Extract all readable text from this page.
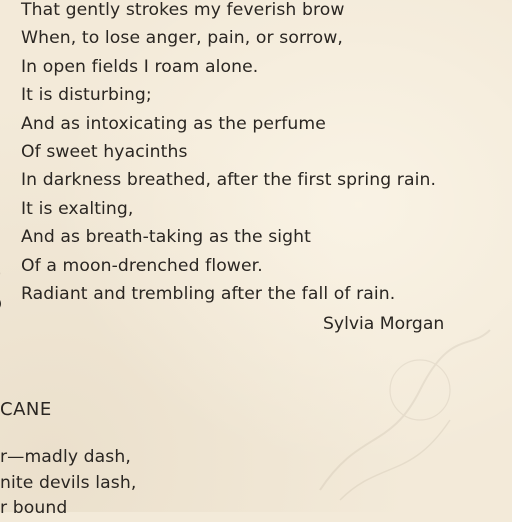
That gently strokes my feverish brow
When, to lose anger, pain, or sorrow,
In open fields I roam alone.
It is disturbing;
And as intoxicating as the perfume
Of sweet hyacinths
In darkness breathed, after the first spring rain.
It is exalting,
And as breath-taking as the sight
Of a moon-drenched flower.
Radiant and trembling after the fall of rain.
Sylvia Morgan
CANE
r—madly dash,
nite devils lash,
r bound
